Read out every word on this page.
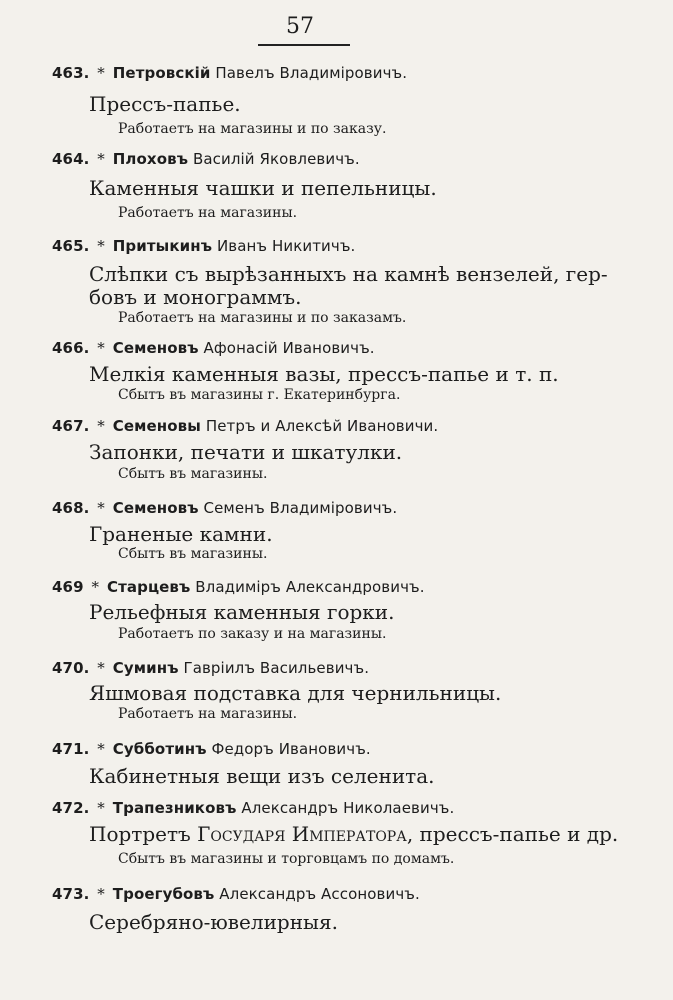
57
463. * Петровскій Павелъ Владиміровичъ.
Прессъ-папье.
Работаетъ на магазины и по заказу.
464. * Плоховъ Василій Яковлевичъ.
Каменныя чашки и пепельницы.
Работаетъ на магазины.
465. * Притыкинъ Иванъ Никитичъ.
Слѣпки съ вырѣзанныхъ на камнѣ вензелей, гер-
бовъ и монограммъ.
Работаетъ на магазины и по заказамъ.
466. * Семеновъ Афонасій Ивановичъ.
Мелкія каменныя вазы, прессъ-папье и т. п.
Сбытъ въ магазины г. Екатеринбурга.
467. * Семеновы Петръ и Алексѣй Ивановичи.
Запонки, печати и шкатулки.
Сбытъ въ магазины.
468. * Семеновъ Семенъ Владиміровичъ.
Граненые камни.
Сбытъ въ магазины.
469 * Старцевъ Владиміръ Александровичъ.
Рельефныя каменныя горки.
Работаетъ по заказу и на магазины.
470. * Суминъ Гавріилъ Васильевичъ.
Яшмовая подставка для чернильницы.
Работаетъ на магазины.
471. * Субботинъ Федоръ Ивановичъ.
Кабинетныя вещи изъ селенита.
472. * Трапезниковъ Александръ Николаевичъ.
Портретъ Государя Императора, прессъ-папье и др.
Сбытъ въ магазины и торговцамъ по домамъ.
473. * Троегубовъ Александръ Ассоновичъ.
Серебряно-ювелирныя.
